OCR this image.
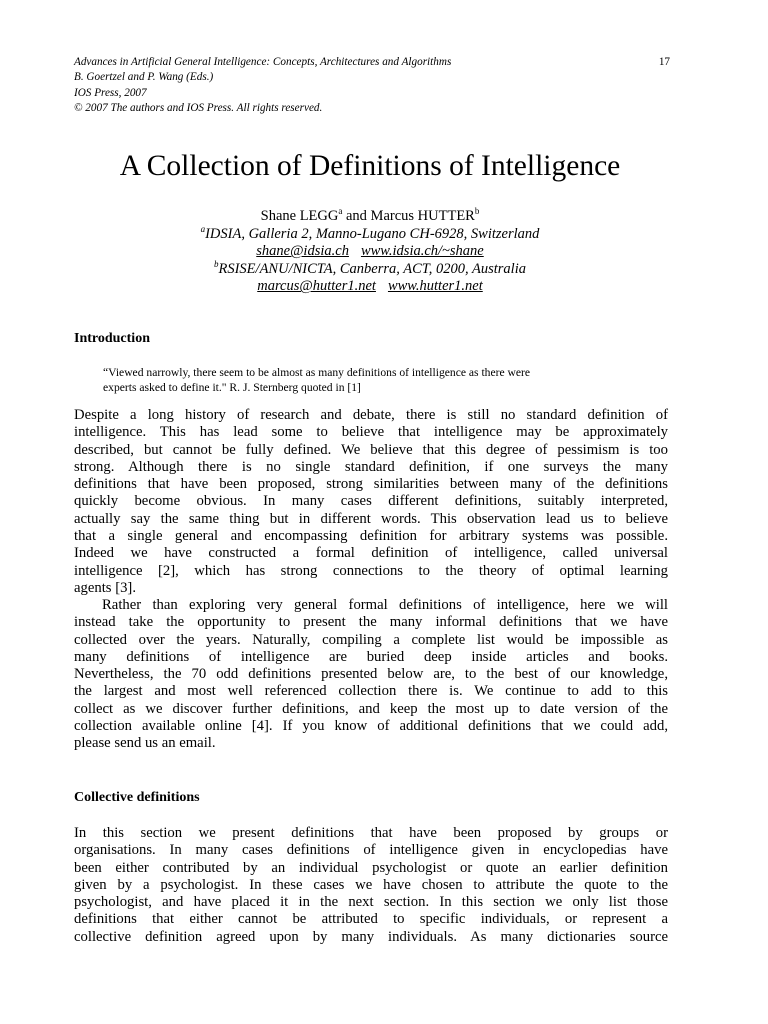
Advances in Artificial General Intelligence: Concepts, Architectures and Algorithms
B. Goertzel and P. Wang (Eds.)
IOS Press, 2007
© 2007 The authors and IOS Press. All rights reserved.
17
A Collection of Definitions of Intelligence
Shane LEGG$^a$ and Marcus HUTTER$^b$
$^a$IDSIA, Galleria 2, Manno-Lugano CH-6928, Switzerland
shane@idsia.ch www.idsia.ch/~shane
$^b$RSISE/ANU/NICTA, Canberra, ACT, 0200, Australia
marcus@hutter1.net www.hutter1.net
Introduction
“Viewed narrowly, there seem to be almost as many definitions of intelligence as there were
experts asked to define it." R. J. Sternberg quoted in [1]
Despite a long history of research and debate, there is still no standard definition of
intelligence. This has lead some to believe that intelligence may be approximately
described, but cannot be fully defined. We believe that this degree of pessimism is too
strong. Although there is no single standard definition, if one surveys the many
definitions that have been proposed, strong similarities between many of the definitions
quickly become obvious. In many cases different definitions, suitably interpreted,
actually say the same thing but in different words. This observation lead us to believe
that a single general and encompassing definition for arbitrary systems was possible.
Indeed we have constructed a formal definition of intelligence, called universal
intelligence [2], which has strong connections to the theory of optimal learning
agents [3].
Rather than exploring very general formal definitions of intelligence, here we will
instead take the opportunity to present the many informal definitions that we have
collected over the years. Naturally, compiling a complete list would be impossible as
many definitions of intelligence are buried deep inside articles and books.
Nevertheless, the 70 odd definitions presented below are, to the best of our knowledge,
the largest and most well referenced collection there is. We continue to add to this
collect as we discover further definitions, and keep the most up to date version of the
collection available online [4]. If you know of additional definitions that we could add,
please send us an email.
Collective definitions
In this section we present definitions that have been proposed by groups or
organisations. In many cases definitions of intelligence given in encyclopedias have
been either contributed by an individual psychologist or quote an earlier definition
given by a psychologist. In these cases we have chosen to attribute the quote to the
psychologist, and have placed it in the next section. In this section we only list those
definitions that either cannot be attributed to specific individuals, or represent a
collective definition agreed upon by many individuals. As many dictionaries source
